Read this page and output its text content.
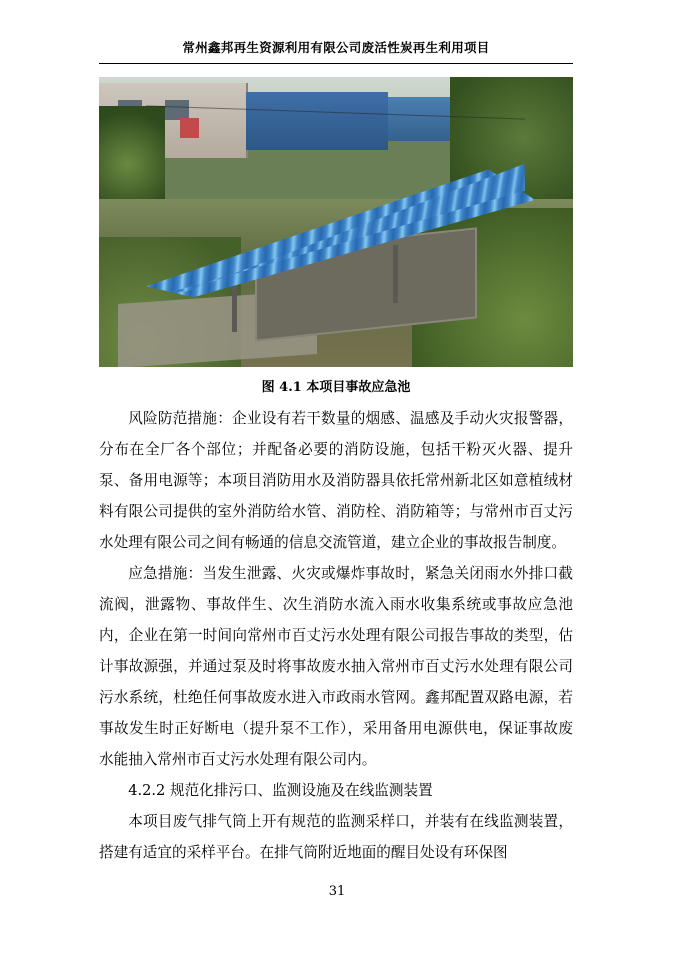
常州鑫邦再生资源利用有限公司废活性炭再生利用项目
图 4.1 本项目事故应急池

风险防范措施：企业设有若干数量的烟感、温感及手动火灾报警器，分布在全厂各个部位；并配备必要的消防设施，包括干粉灭火器、提升泵、备用电源等；本项目消防用水及消防器具依托常州新北区如意植绒材料有限公司提供的室外消防给水管、消防栓、消防箱等；与常州市百丈污水处理有限公司之间有畅通的信息交流管道，建立企业的事故报告制度。

应急措施：当发生泄露、火灾或爆炸事故时，紧急关闭雨水外排口截流阀，泄露物、事故伴生、次生消防水流入雨水收集系统或事故应急池内，企业在第一时间向常州市百丈污水处理有限公司报告事故的类型，估计事故源强，并通过泵及时将事故废水抽入常州市百丈污水处理有限公司污水系统，杜绝任何事故废水进入市政雨水管网。鑫邦配置双路电源，若事故发生时正好断电（提升泵不工作），采用备用电源供电，保证事故废水能抽入常州市百丈污水处理有限公司内。

4.2.2 规范化排污口、监测设施及在线监测装置

本项目废气排气筒上开有规范的监测采样口，并装有在线监测装置，搭建有适宜的采样平台。在排气筒附近地面的醒目处设有环保图

31
